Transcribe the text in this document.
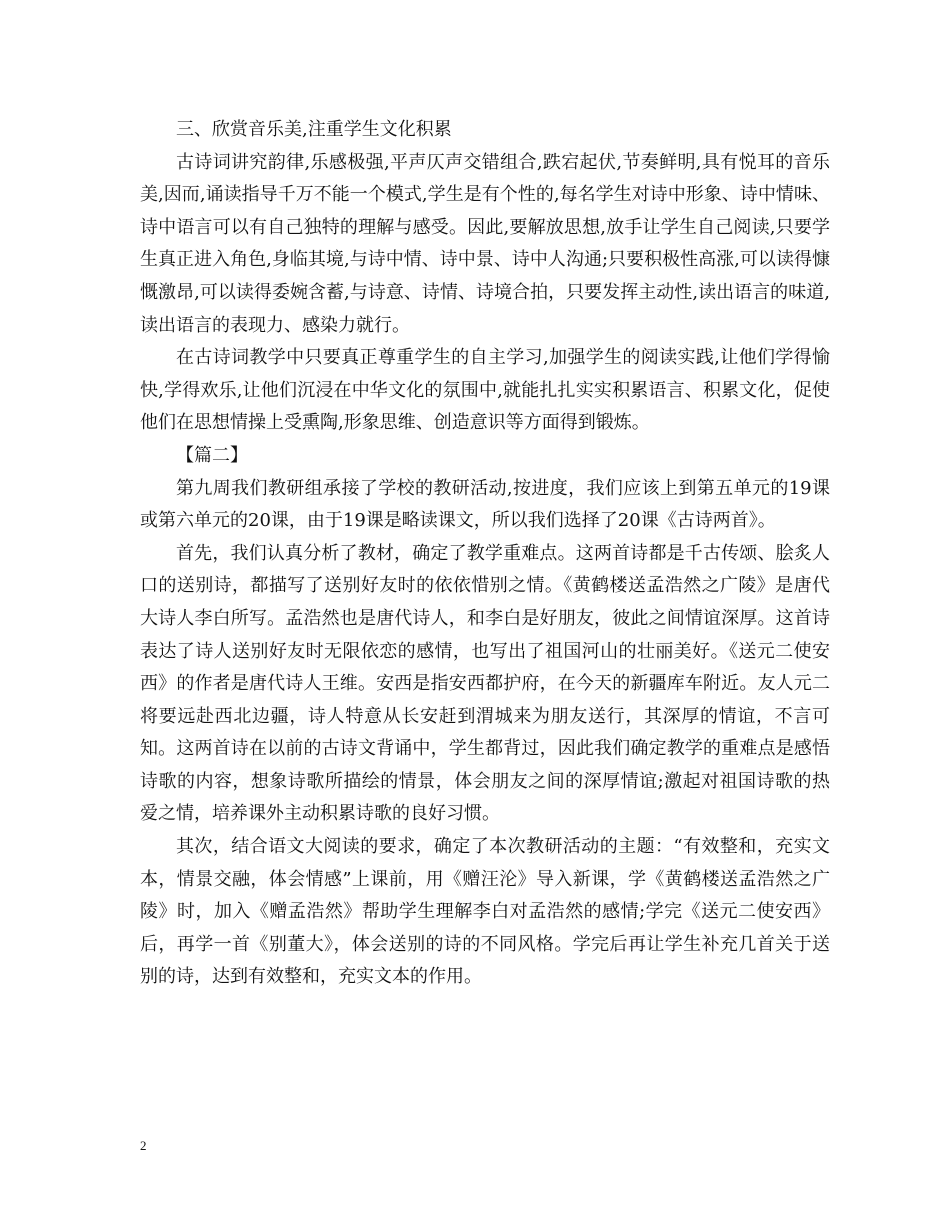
三、欣赏音乐美,注重学生文化积累

古诗词讲究韵律,乐感极强,平声仄声交错组合,跌宕起伏,节奏鲜明,具有悦耳的音乐美,因而,诵读指导千万不能一个模式,学生是有个性的,每名学生对诗中形象、诗中情味、诗中语言可以有自己独特的理解与感受。因此,要解放思想,放手让学生自己阅读,只要学生真正进入角色,身临其境,与诗中情、诗中景、诗中人沟通;只要积极性高涨,可以读得慷慨激昂,可以读得委婉含蓄,与诗意、诗情、诗境合拍，只要发挥主动性,读出语言的味道,读出语言的表现力、感染力就行。

在古诗词教学中只要真正尊重学生的自主学习,加强学生的阅读实践,让他们学得愉快,学得欢乐,让他们沉浸在中华文化的氛围中,就能扎扎实实积累语言、积累文化，促使他们在思想情操上受熏陶,形象思维、创造意识等方面得到锻炼。

【篇二】

第九周我们教研组承接了学校的教研活动,按进度，我们应该上到第五单元的19课或第六单元的20课，由于19课是略读课文，所以我们选择了20课《古诗两首》。

首先，我们认真分析了教材，确定了教学重难点。这两首诗都是千古传颂、脍炙人口的送别诗，都描写了送别好友时的依依惜别之情。《黄鹤楼送孟浩然之广陵》是唐代大诗人李白所写。孟浩然也是唐代诗人，和李白是好朋友，彼此之间情谊深厚。这首诗表达了诗人送别好友时无限依恋的感情，也写出了祖国河山的壮丽美好。《送元二使安西》的作者是唐代诗人王维。安西是指安西都护府，在今天的新疆库车附近。友人元二将要远赴西北边疆，诗人特意从长安赶到渭城来为朋友送行，其深厚的情谊，不言可知。这两首诗在以前的古诗文背诵中，学生都背过，因此我们确定教学的重难点是感悟诗歌的内容，想象诗歌所描绘的情景，体会朋友之间的深厚情谊;激起对祖国诗歌的热爱之情，培养课外主动积累诗歌的良好习惯。

其次，结合语文大阅读的要求，确定了本次教研活动的主题：“有效整和，充实文本，情景交融，体会情感”上课前，用《赠汪沦》导入新课，学《黄鹤楼送孟浩然之广陵》时，加入《赠孟浩然》帮助学生理解李白对孟浩然的感情;学完《送元二使安西》后，再学一首《别董大》，体会送别的诗的不同风格。学完后再让学生补充几首关于送别的诗，达到有效整和，充实文本的作用。

2
